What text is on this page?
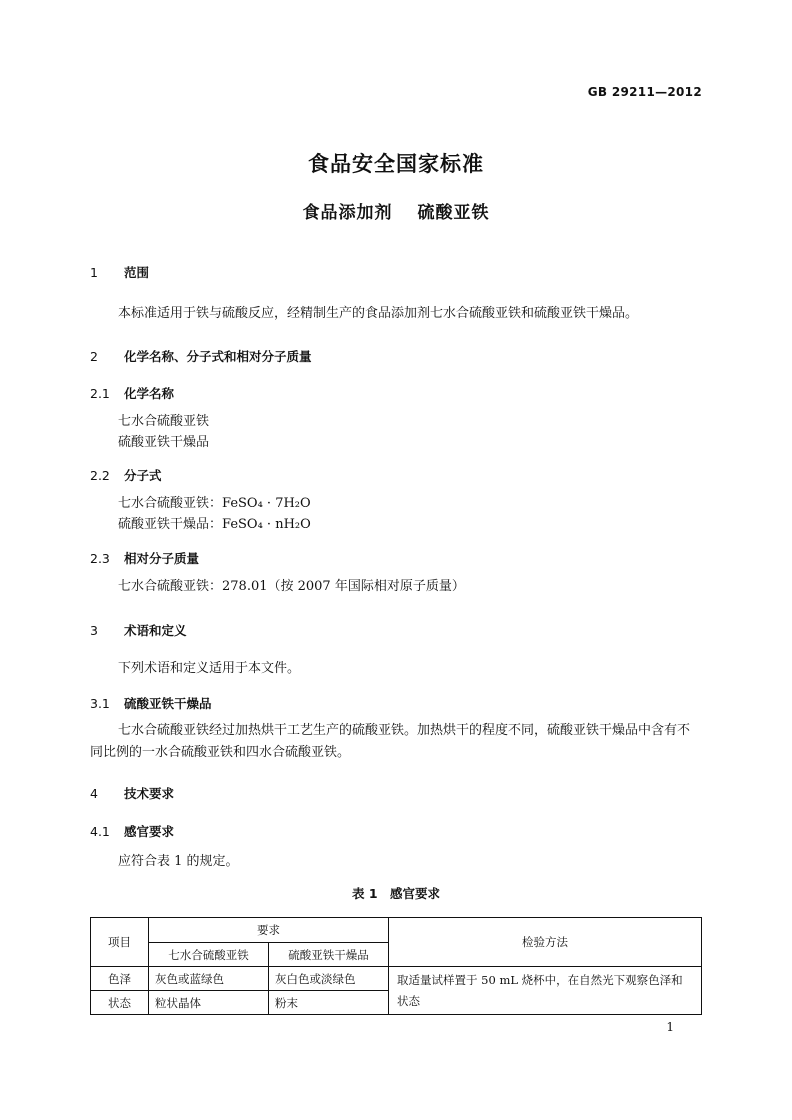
GB 29211—2012
食品安全国家标准
食品添加剂　 硫酸亚铁
1 范围
本标准适用于铁与硫酸反应，经精制生产的食品添加剂七水合硫酸亚铁和硫酸亚铁干燥品。
2 化学名称、分子式和相对分子质量
2.1 化学名称
七水合硫酸亚铁
硫酸亚铁干燥品
2.2 分子式
七水合硫酸亚铁：FeSO₄ · 7H₂O
硫酸亚铁干燥品：FeSO₄ · nH₂O
2.3 相对分子质量
七水合硫酸亚铁：278.01（按 2007 年国际相对原子质量）
3 术语和定义
下列术语和定义适用于本文件。
3.1 硫酸亚铁干燥品
七水合硫酸亚铁经过加热烘干工艺生产的硫酸亚铁。加热烘干的程度不同，硫酸亚铁干燥品中含有不同比例的一水合硫酸亚铁和四水合硫酸亚铁。
4 技术要求
4.1 感官要求
应符合表 1 的规定。
表 1　感官要求
项目	要求		检验方法
	七水合硫酸亚铁	硫酸亚铁干燥品	
色泽	灰色或蓝绿色	灰白色或淡绿色	取适量试样置于 50 mL 烧杯中，在自然光下观察色泽和状态
状态	粒状晶体	粉末	
1
